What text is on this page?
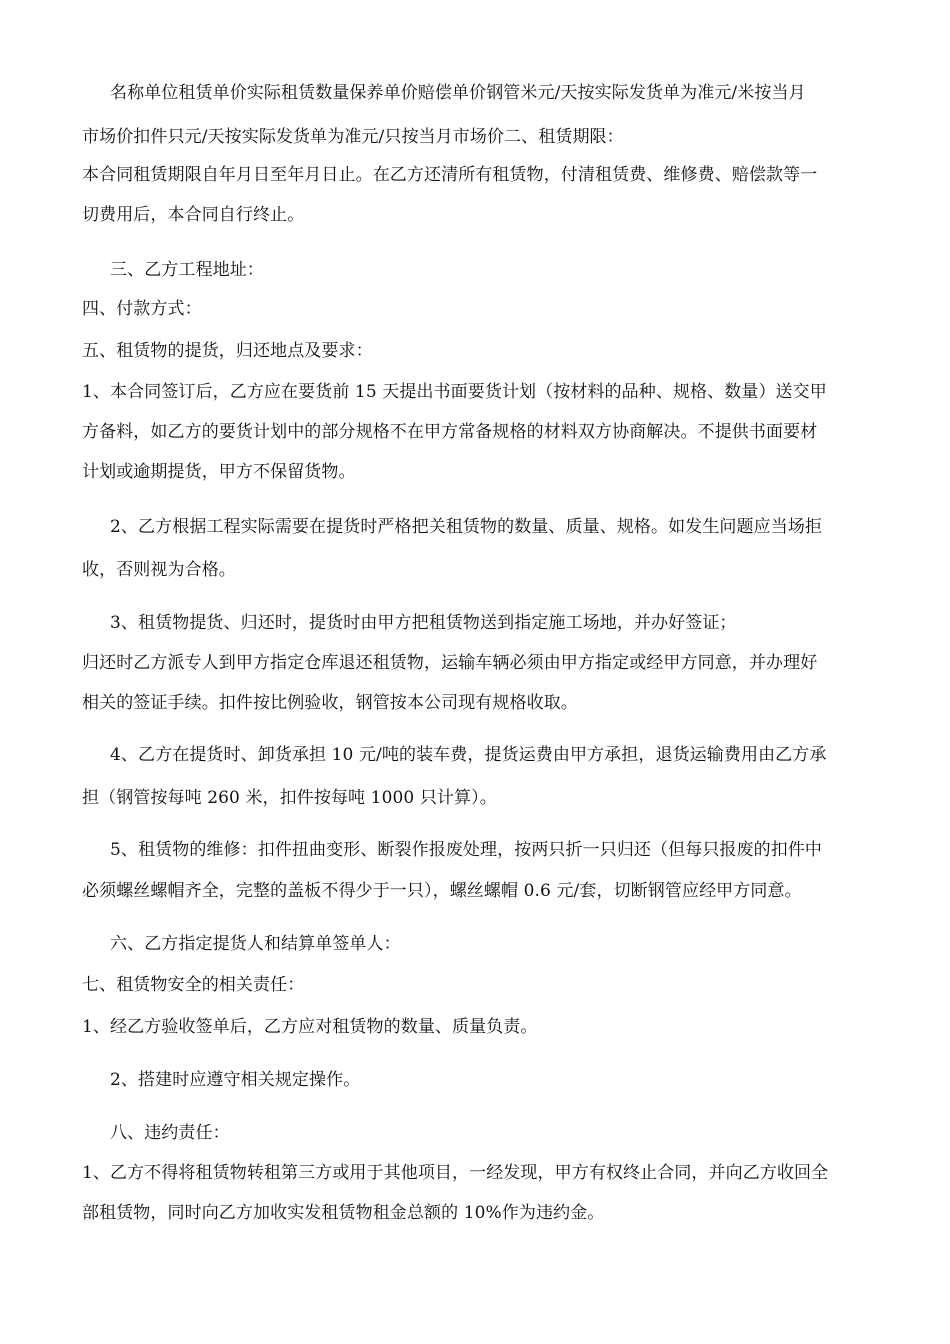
名称单位租赁单价实际租赁数量保养单价赔偿单价钢管米元/天按实际发货单为准元/米按当月
市场价扣件只元/天按实际发货单为准元/只按当月市场价二、租赁期限：
本合同租赁期限自年月日至年月日止。在乙方还清所有租赁物，付清租赁费、维修费、赔偿款等一
切费用后，本合同自行终止。
三、乙方工程地址：
四、付款方式：
五、租赁物的提货，归还地点及要求：
1、本合同签订后，乙方应在要货前 15 天提出书面要货计划（按材料的品种、规格、数量）送交甲
方备料，如乙方的要货计划中的部分规格不在甲方常备规格的材料双方协商解决。不提供书面要材
计划或逾期提货，甲方不保留货物。
2、乙方根据工程实际需要在提货时严格把关租赁物的数量、质量、规格。如发生问题应当场拒
收，否则视为合格。
3、租赁物提货、归还时，提货时由甲方把租赁物送到指定施工场地，并办好签证；
归还时乙方派专人到甲方指定仓库退还租赁物，运输车辆必须由甲方指定或经甲方同意，并办理好
相关的签证手续。扣件按比例验收，钢管按本公司现有规格收取。
4、乙方在提货时、卸货承担 10 元/吨的装车费，提货运费由甲方承担，退货运输费用由乙方承
担（钢管按每吨 260 米，扣件按每吨 1000 只计算）。
5、租赁物的维修：扣件扭曲变形、断裂作报废处理，按两只折一只归还（但每只报废的扣件中
必须螺丝螺帽齐全，完整的盖板不得少于一只），螺丝螺帽 0.6 元/套，切断钢管应经甲方同意。
六、乙方指定提货人和结算单签单人：
七、租赁物安全的相关责任：
1、经乙方验收签单后，乙方应对租赁物的数量、质量负责。
2、搭建时应遵守相关规定操作。
八、违约责任：
1、乙方不得将租赁物转租第三方或用于其他项目，一经发现，甲方有权终止合同，并向乙方收回全
部租赁物，同时向乙方加收实发租赁物租金总额的 10%作为违约金。
